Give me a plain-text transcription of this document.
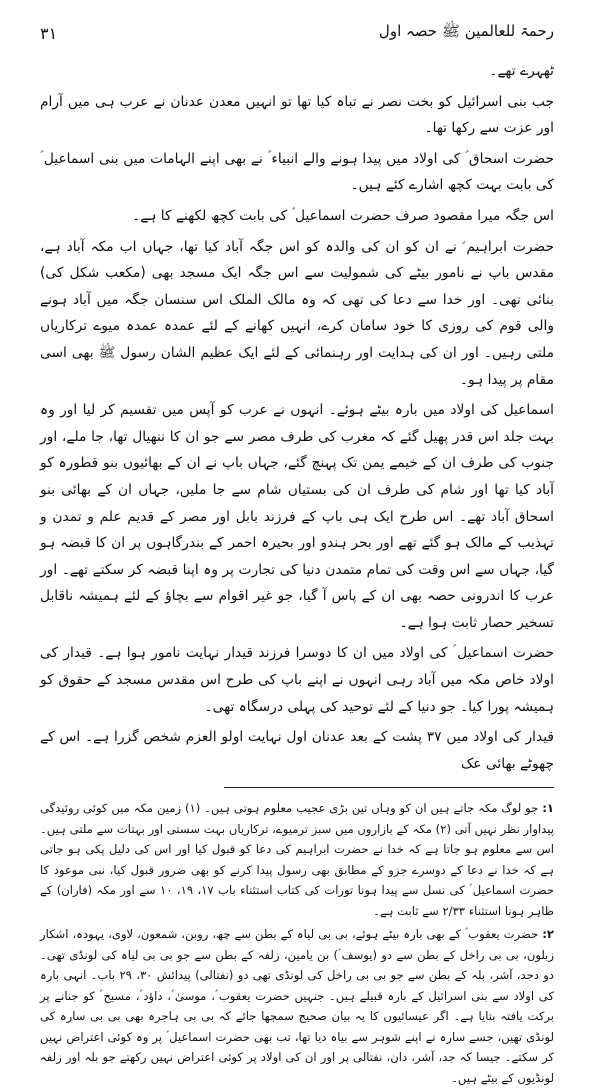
رحمۃ للعالمین ﷺ حصہ اول
۳۱

ٹھہرے تھے۔

جب بنی اسرائیل کو بخت نصر نے تباہ کیا تھا تو انہیں معدن عدنان نے عرب ہی میں آرام اور عزت سے رکھا تھا۔

حضرت اسحاق ؑ کی اولاد میں پیدا ہونے والے انبیاء ؑ نے بھی اپنے الہامات میں بنی اسماعیل ؑ کی بابت بہت کچھ اشارے کئے ہیں۔

اس جگہ میرا مقصود صرف حضرت اسماعیل ؑ کی بابت کچھ لکھنے کا ہے۔

حضرت ابراہیم ؑ نے ان کو ان کی والدہ کو اس جگہ آباد کیا تھا، جہاں اب مکہ آباد ہے، مقدس باپ نے نامور بیٹے کی شمولیت سے اس جگہ ایک مسجد بھی (مکعب شکل کی) بنائی تھی۔ اور خدا سے دعا کی تھی کہ وہ مالک الملک اس سنسان جگہ میں آباد ہونے والی قوم کی روزی کا خود سامان کرے، انہیں کھانے کے لئے عمدہ عمدہ میوے ترکاریاں ملتی رہیں۔ اور ان کی ہدایت اور رہنمائی کے لئے ایک عظیم الشان رسول ﷺ بھی اسی مقام پر پیدا ہو۔

اسماعیل کی اولاد میں بارہ بیٹے ہوئے۔ انہوں نے عرب کو آپس میں تقسیم کر لیا اور وہ بہت جلد اس قدر پھیل گئے کہ مغرب کی طرف مصر سے جو ان کا ننھیال تھا، جا ملے، اور جنوب کی طرف ان کے خیمے یمن تک پہنچ گئے، جہاں باپ نے ان کے بھائیوں بنو قطورہ کو آباد کیا تھا اور شام کی طرف ان کی بستیاں شام سے جا ملیں، جہاں ان کے بھائی بنو اسحاق آباد تھے۔ اس طرح ایک ہی باپ کے فرزند بابل اور مصر کے قدیم علم و تمدن و تہذیب کے مالک ہو گئے تھے اور بحر ہندو اور بحیرہ احمر کے بندرگاہوں پر ان کا قبضہ ہو گیا، جہاں سے اس وقت کی تمام متمدن دنیا کی تجارت پر وہ اپنا قبضہ کر سکتے تھے۔ اور عرب کا اندرونی حصہ بھی ان کے پاس آ گیا، جو غیر اقوام سے بچاؤ کے لئے ہمیشہ ناقابل تسخیر حصار ثابت ہوا ہے۔

حضرت اسماعیل ؑ کی اولاد میں ان کا دوسرا فرزند قیدار نہایت نامور ہوا ہے۔ قیدار کی اولاد خاص مکہ میں آباد رہی انہوں نے اپنے باپ کی طرح اس مقدس مسجد کے حقوق کو ہمیشہ پورا کیا۔ جو دنیا کے لئے توحید کی پہلی درسگاہ تھی۔

قیدار کی اولاد میں ۳۷ پشت کے بعد عدنان اول نہایت اولو العزم شخص گزرا ہے۔ اس کے چھوٹے بھائی عک

۱:جو لوگ مکہ جاتے ہیں ان کو وہاں تین بڑی عجیب معلوم ہوتی ہیں۔ (۱) زمین مکہ میں کوئی روئیدگی پیداوار نظر نہیں آتی (۲) مکہ کے بازاروں میں سبز ترمیوے، ترکاریاں بہت سستی اور بہتات سے ملتی ہیں۔ اس سے معلوم ہو جاتا ہے کہ خدا نے حضرت ابراہیم کی دعا کو قبول کیا اور اس کی دلیل پکی ہو جاتی ہے کہ خدا نے دعا کے دوسرے جزو کے مطابق بھی رسول پیدا کرنے کو بھی ضرور قبول کیا، نبی موعود کا حضرت اسماعیل ؑ کی نسل سے پیدا ہونا تورات کی کتاب استثناء باب ۱۷، ۱۹، ۱۰ سے اور مکہ (فاران) کے ظاہر ہونا استثناء ۲/۳۳ سے ثابت ہے۔

۲:حضرت یعقوب ؑ کے بھی بارہ بیٹے ہوئے، بی بی لیاہ کے بطن سے چھ، روبن، شمعون، لاوی، یہودہ، اشکار زبلون، بی بی راخل کے بطن سے دو (یوسف ؑ) بن یامین، زلفہ کے بطن سے جو بی بی لیاہ کی لونڈی تھی۔ دو دجد، آشر، بلہ کے بطن سے جو بی بی راخل کی لونڈی تھی دو (نفتالی) پیدائش ۳۰، ۲۹ باب۔ انہی بارہ کی اولاد سے بنی اسرائیل کے بارہ قبیلے ہیں۔ جنہیں حضرت یعقوب ؑ، موسیٰ ؑ، داؤد ؑ، مسیح ؑ کو جنانے پر برکت یافتہ بتایا ہے۔ اگر عیسائیوں کا یہ بیان صحیح سمجھا جائے کہ بی بی ہاجرہ بھی بی بی سارہ کی لونڈی تھیں، جسے سارہ نے اپنے شوہر سے بیاہ دیا تھا، تب بھی حضرت اسماعیل ؑ پر وہ کوئی اعتراض نہیں کر سکتے۔ جیسا کہ جد، آشر، دان، نفتالی پر اور ان کی اولاد پر کوئی اعتراض نہیں رکھتے جو بلہ اور زلفہ لونڈیوں کے بیٹے ہیں۔
